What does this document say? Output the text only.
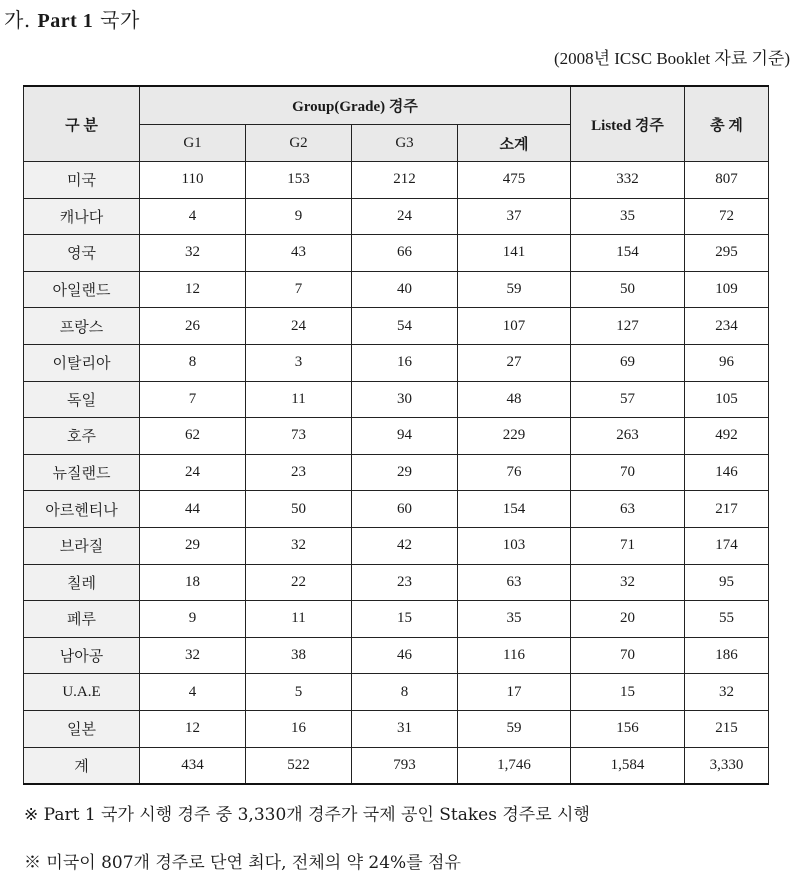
가. Part 1 국가
(2008년 ICSC Booklet 자료 기준)
구 분	Group(Grade) 경주				Listed 경주	총 계
	G1	G2	G3	소계		
미국	110	153	212	475	332	807
캐나다	4	9	24	37	35	72
영국	32	43	66	141	154	295
아일랜드	12	7	40	59	50	109
프랑스	26	24	54	107	127	234
이탈리아	8	3	16	27	69	96
독일	7	11	30	48	57	105
호주	62	73	94	229	263	492
뉴질랜드	24	23	29	76	70	146
아르헨티나	44	50	60	154	63	217
브라질	29	32	42	103	71	174
칠레	18	22	23	63	32	95
페루	9	11	15	35	20	55
남아공	32	38	46	116	70	186
U.A.E	4	5	8	17	15	32
일본	12	16	31	59	156	215
계	434	522	793	1,746	1,584	3,330
※ Part 1 국가 시행 경주 중 3,330개 경주가 국제 공인 Stakes 경주로 시행
※ 미국이 807개 경주로 단연 최다, 전체의 약 24%를 점유
